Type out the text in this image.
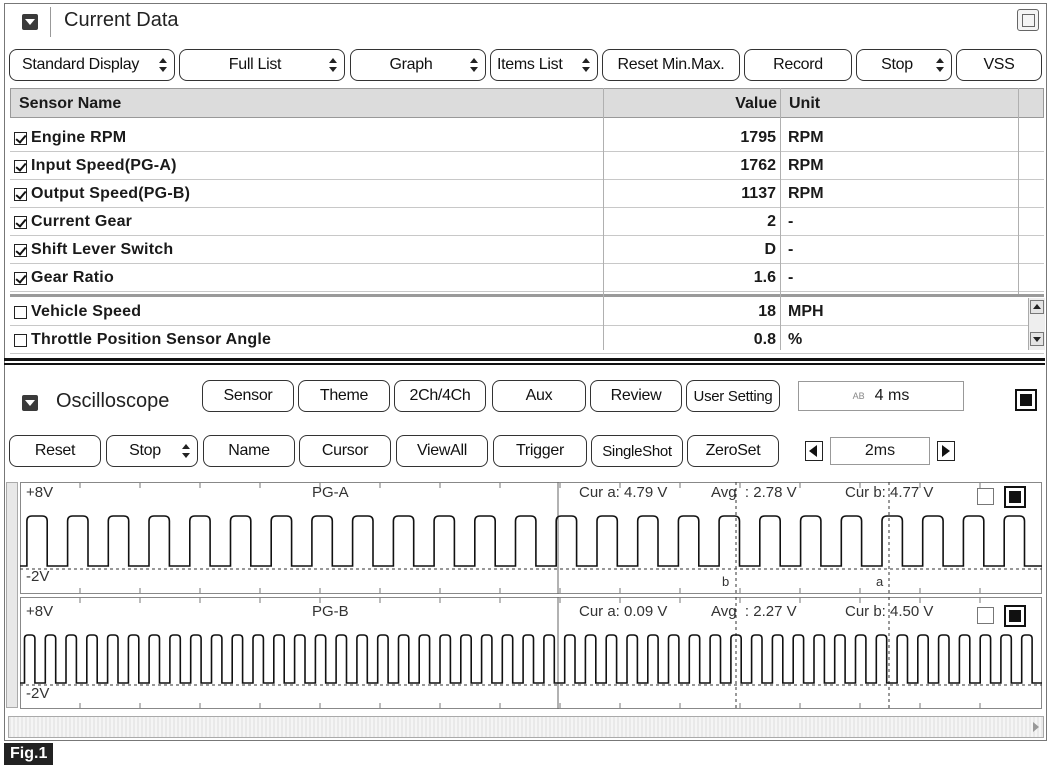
Current Data
Standard Display	Full List	Graph	Items List	Reset Min.Max.	Record	Stop	VSS
Sensor Name	Value Unit
Engine RPM	1795 RPM
Input Speed(PG-A)	1762 RPM
Output Speed(PG-B)	1137 RPM
Current Gear	2 -
Shift Lever Switch	D -
Gear Ratio	1.6 -
Vehicle Speed	18 MPH
Throttle Position Sensor Angle	0.8 %
Oscilloscope	Sensor	Theme	2Ch/4Ch	Aux	Review	User Setting	AB 4 ms
Reset	Stop	Name	Cursor	ViewAll	Trigger	SingleShot	ZeroSet	2ms
+8V
-2V
PG-A	Cur a: 4.79 V	Avg  : 2.78 V	Cur b: 4.77 V
b	a
+8V
-2V
PG-B	Cur a: 0.09 V	Avg  : 2.27 V	Cur b: 4.50 V
Fig.1
